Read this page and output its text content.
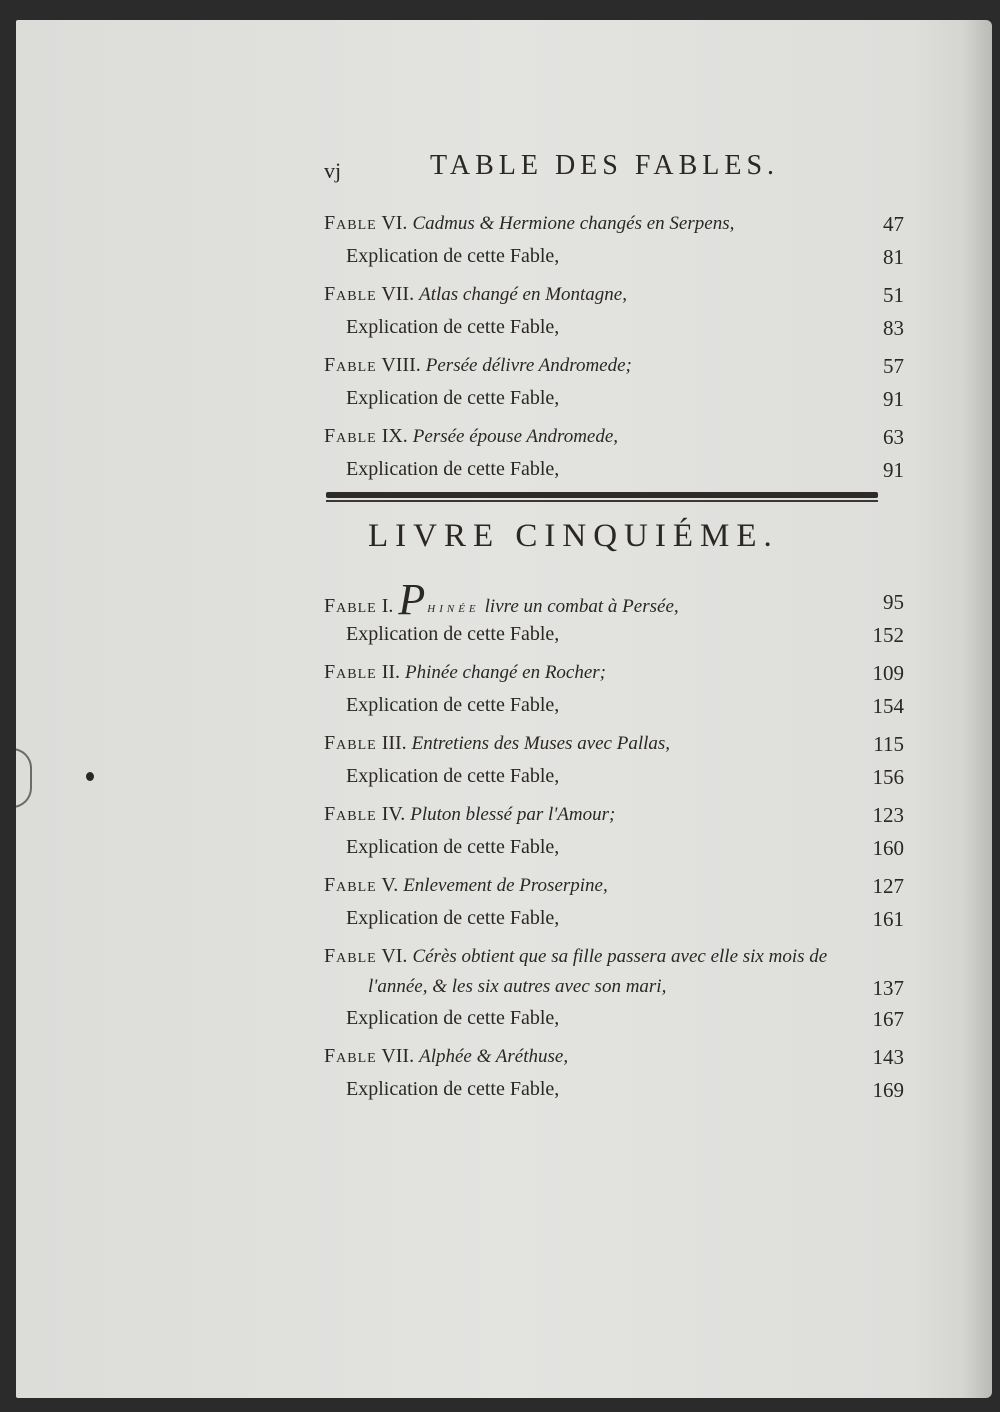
vj	TABLE DES FABLES.
Fable VI. Cadmus & Hermione changés en Serpens,	47
Explication de cette Fable,	81
Fable VII. Atlas changé en Montagne,	51
Explication de cette Fable,	83
Fable VIII. Persée délivre Andromede;	57
Explication de cette Fable,	91
Fable IX. Persée épouse Andromede,	63
Explication de cette Fable,	91
LIVRE CINQUIÉME.
Fable I. P hinée livre un combat à Persée,	95
Explication de cette Fable,	152
Fable II. Phinée changé en Rocher;	109
Explication de cette Fable,	154
Fable III. Entretiens des Muses avec Pallas,	115
Explication de cette Fable,	156
Fable IV. Pluton blessé par l'Amour;	123
Explication de cette Fable,	160
Fable V. Enlevement de Proserpine,	127
Explication de cette Fable,	161
Fable VI. Cérès obtient que sa fille passera avec elle six mois de
l'année, & les six autres avec son mari,	137
Explication de cette Fable,	167
Fable VII. Alphée & Aréthuse,	143
Explication de cette Fable,	169
